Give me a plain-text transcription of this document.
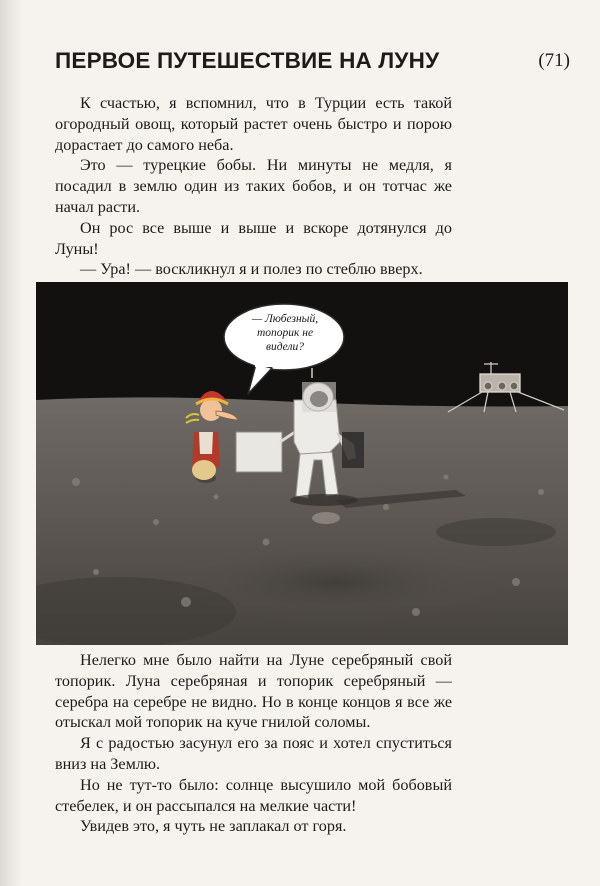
ПЕРВОЕ ПУТЕШЕСТВИЕ НА ЛУНУ	(71)

К счастью, я вспомнил, что в Турции есть такой огородный овощ, который растет очень быстро и порою дорастает до самого неба.

Это — турецкие бобы. Ни минуты не медля, я посадил в землю один из таких бобов, и он тотчас же начал расти.

Он рос все выше и выше и вскоре дотянулся до Луны!

— Ура! — воскликнул я и полез по стеблю вверх.

— Любезный, топорик не видели?

Нелегко мне было найти на Луне серебряный свой топорик. Луна серебряная и топорик серебряный — серебра на серебре не видно. Но в конце концов я все же отыскал мой топорик на куче гнилой соломы.

Я с радостью засунул его за пояс и хотел спуститься вниз на Землю.

Но не тут-то было: солнце высушило мой бобовый стебелек, и он рассыпался на мелкие части!

Увидев это, я чуть не заплакал от горя.
